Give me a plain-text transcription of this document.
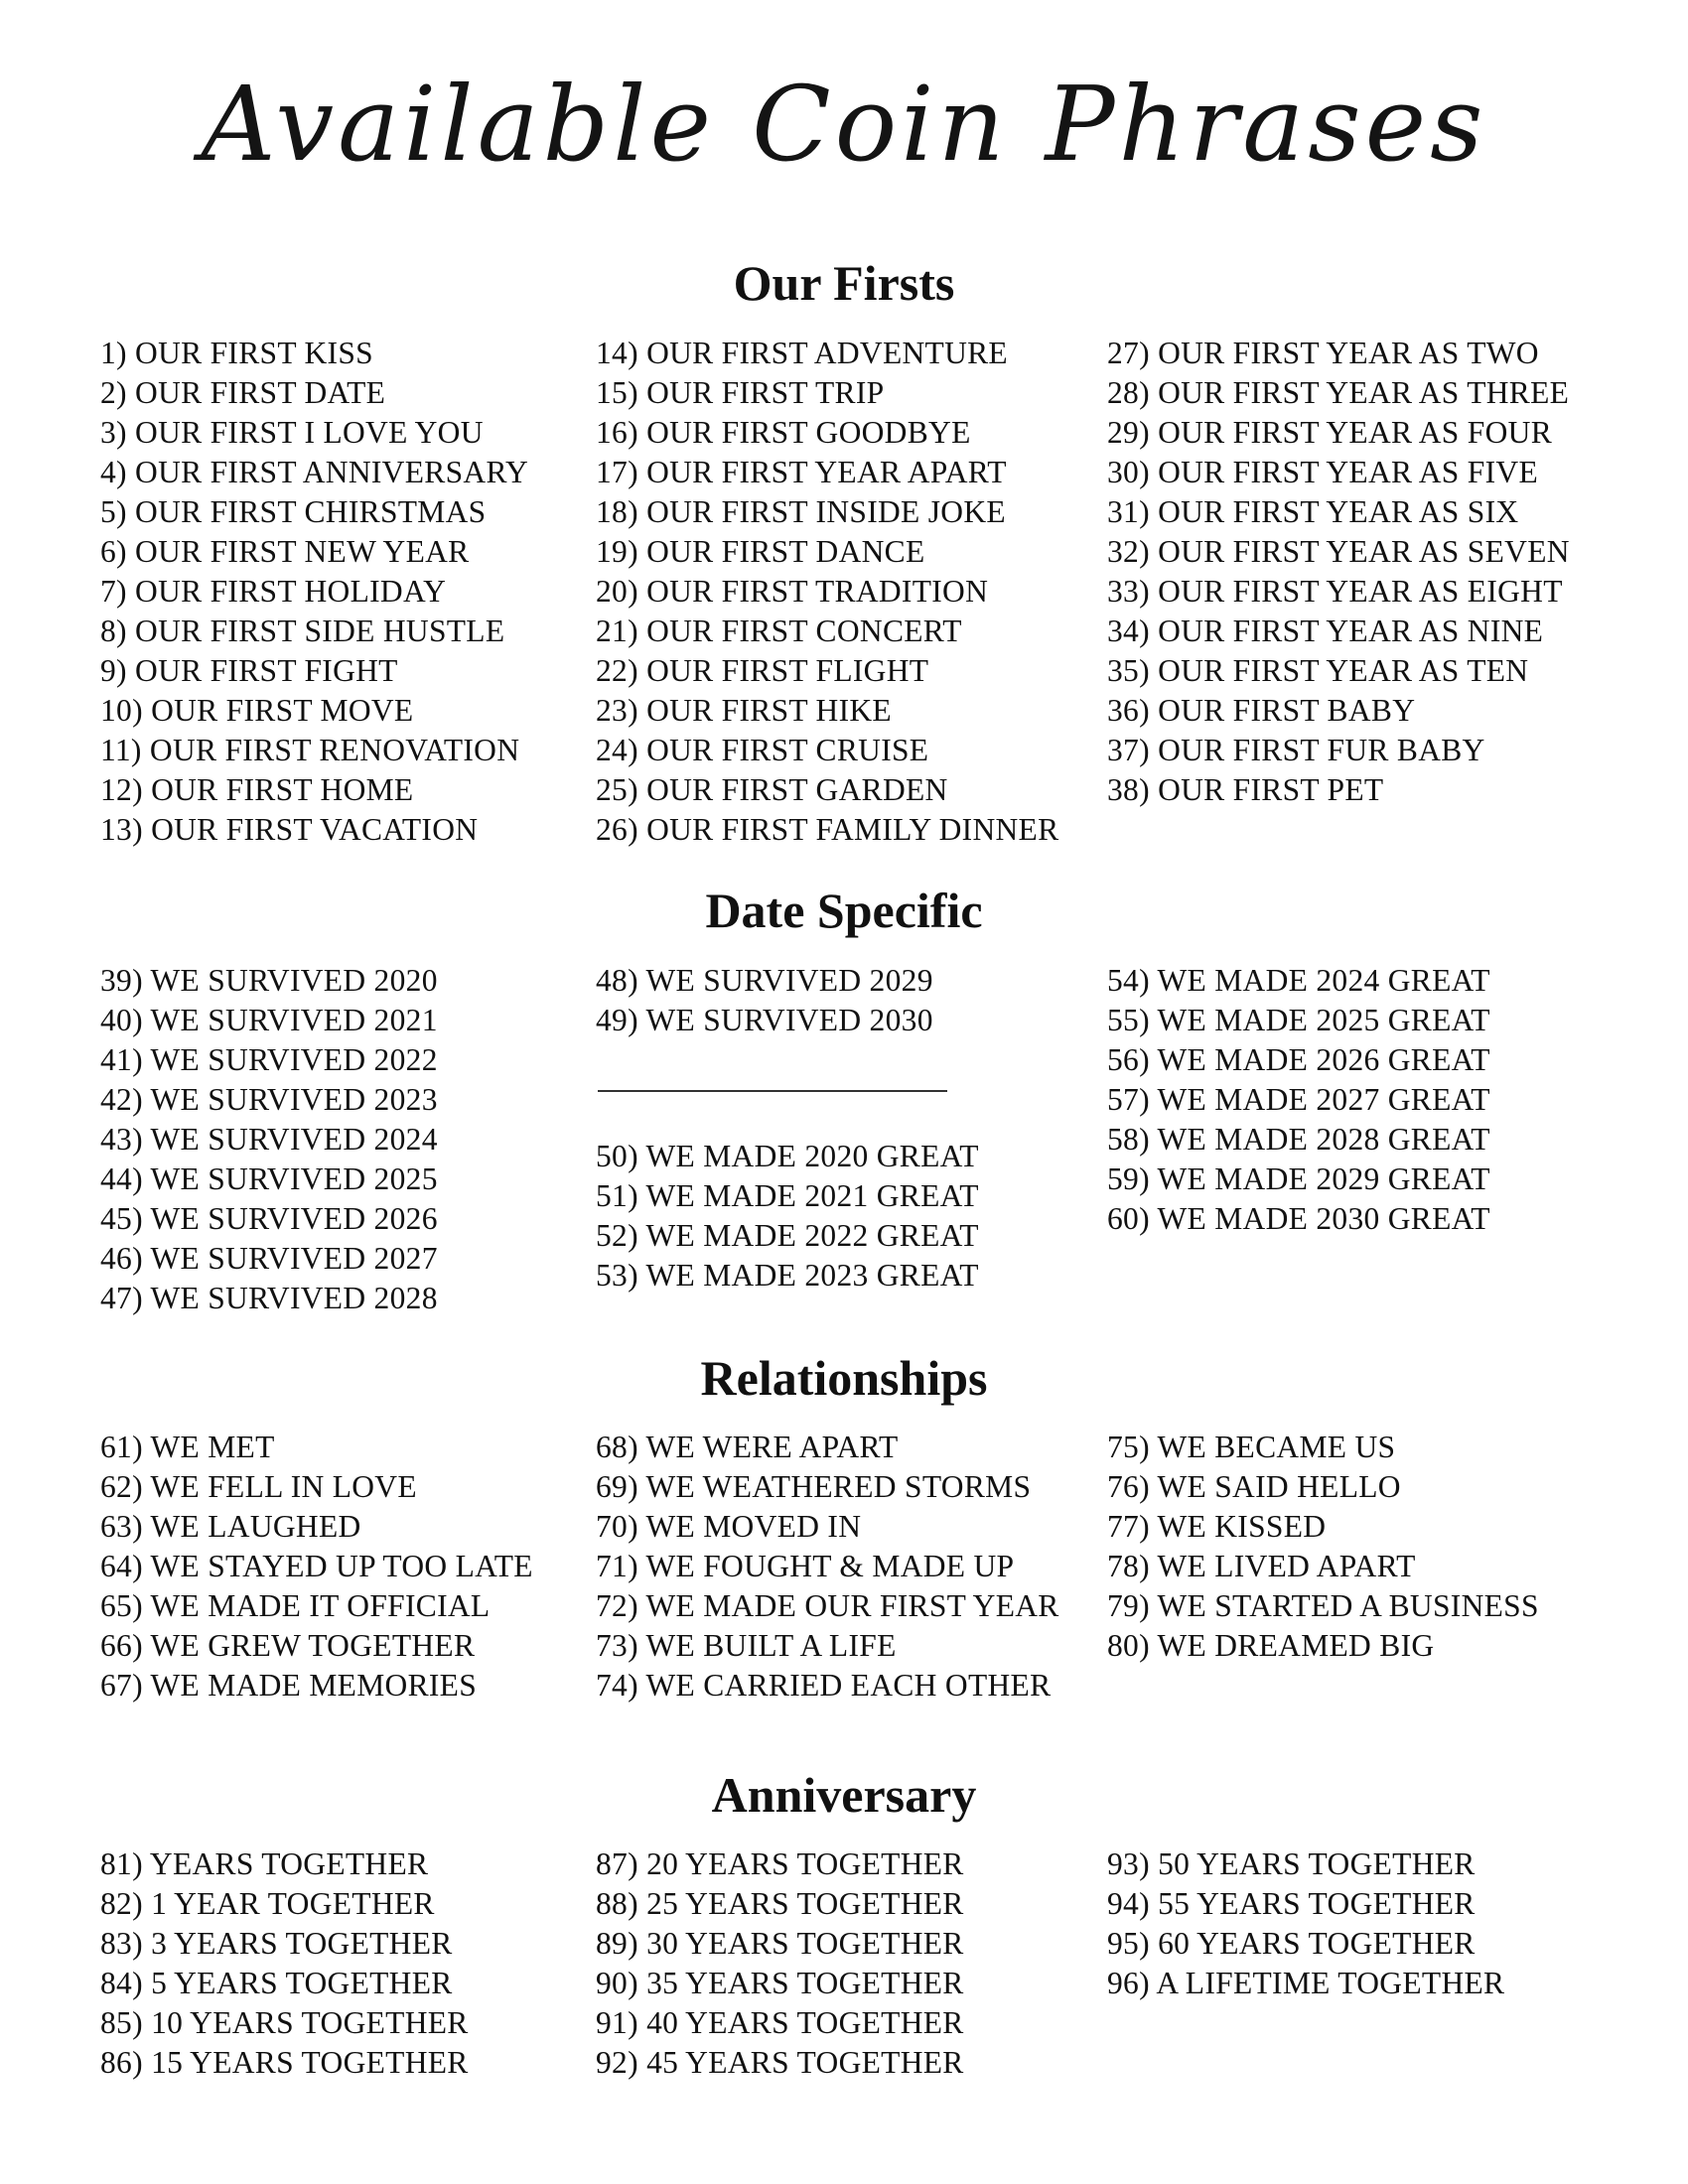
Available Coin Phrases
Our Firsts
1) OUR FIRST KISS
2) OUR FIRST DATE
3) OUR FIRST I LOVE YOU
4) OUR FIRST ANNIVERSARY
5) OUR FIRST CHIRSTMAS
6) OUR FIRST NEW YEAR
7) OUR FIRST HOLIDAY
8) OUR FIRST SIDE HUSTLE
9) OUR FIRST FIGHT
10) OUR FIRST MOVE
11) OUR FIRST RENOVATION
12) OUR FIRST HOME
13) OUR FIRST VACATION
14) OUR FIRST ADVENTURE
15) OUR FIRST TRIP
16) OUR FIRST GOODBYE
17) OUR FIRST YEAR APART
18) OUR FIRST INSIDE JOKE
19) OUR FIRST DANCE
20) OUR FIRST TRADITION
21) OUR FIRST CONCERT
22) OUR FIRST FLIGHT
23) OUR FIRST HIKE
24) OUR FIRST CRUISE
25) OUR FIRST GARDEN
26) OUR FIRST FAMILY DINNER
27) OUR FIRST YEAR AS TWO
28) OUR FIRST YEAR AS THREE
29) OUR FIRST YEAR AS FOUR
30) OUR FIRST YEAR AS FIVE
31) OUR FIRST YEAR AS SIX
32) OUR FIRST YEAR AS SEVEN
33) OUR FIRST YEAR AS EIGHT
34) OUR FIRST YEAR AS NINE
35) OUR FIRST YEAR AS TEN
36) OUR FIRST BABY
37) OUR FIRST FUR BABY
38) OUR FIRST PET
Date Specific
39) WE SURVIVED 2020
40) WE SURVIVED 2021
41) WE SURVIVED 2022
42) WE SURVIVED 2023
43) WE SURVIVED 2024
44) WE SURVIVED 2025
45) WE SURVIVED 2026
46) WE SURVIVED 2027
47) WE SURVIVED 2028
48) WE SURVIVED 2029
49) WE SURVIVED 2030
50) WE MADE 2020 GREAT
51) WE MADE 2021 GREAT
52) WE MADE 2022 GREAT
53) WE MADE 2023 GREAT
54) WE MADE 2024 GREAT
55) WE MADE 2025 GREAT
56) WE MADE 2026 GREAT
57) WE MADE 2027 GREAT
58) WE MADE 2028 GREAT
59) WE MADE 2029 GREAT
60) WE MADE 2030 GREAT
Relationships
61) WE MET
62) WE FELL IN LOVE
63) WE LAUGHED
64) WE STAYED UP TOO LATE
65) WE MADE IT OFFICIAL
66) WE GREW TOGETHER
67) WE MADE MEMORIES
68) WE WERE APART
69) WE WEATHERED STORMS
70) WE MOVED IN
71) WE FOUGHT & MADE UP
72) WE MADE OUR FIRST YEAR
73) WE BUILT A LIFE
74) WE CARRIED EACH OTHER
75) WE BECAME US
76) WE SAID HELLO
77) WE KISSED
78) WE LIVED APART
79) WE STARTED A BUSINESS
80) WE DREAMED BIG
Anniversary
81) YEARS TOGETHER
82) 1 YEAR TOGETHER
83) 3 YEARS TOGETHER
84) 5 YEARS TOGETHER
85) 10 YEARS TOGETHER
86) 15 YEARS TOGETHER
87) 20 YEARS TOGETHER
88) 25 YEARS TOGETHER
89) 30 YEARS TOGETHER
90) 35 YEARS TOGETHER
91) 40 YEARS TOGETHER
92) 45 YEARS TOGETHER
93) 50 YEARS TOGETHER
94) 55 YEARS TOGETHER
95) 60 YEARS TOGETHER
96) A LIFETIME TOGETHER
